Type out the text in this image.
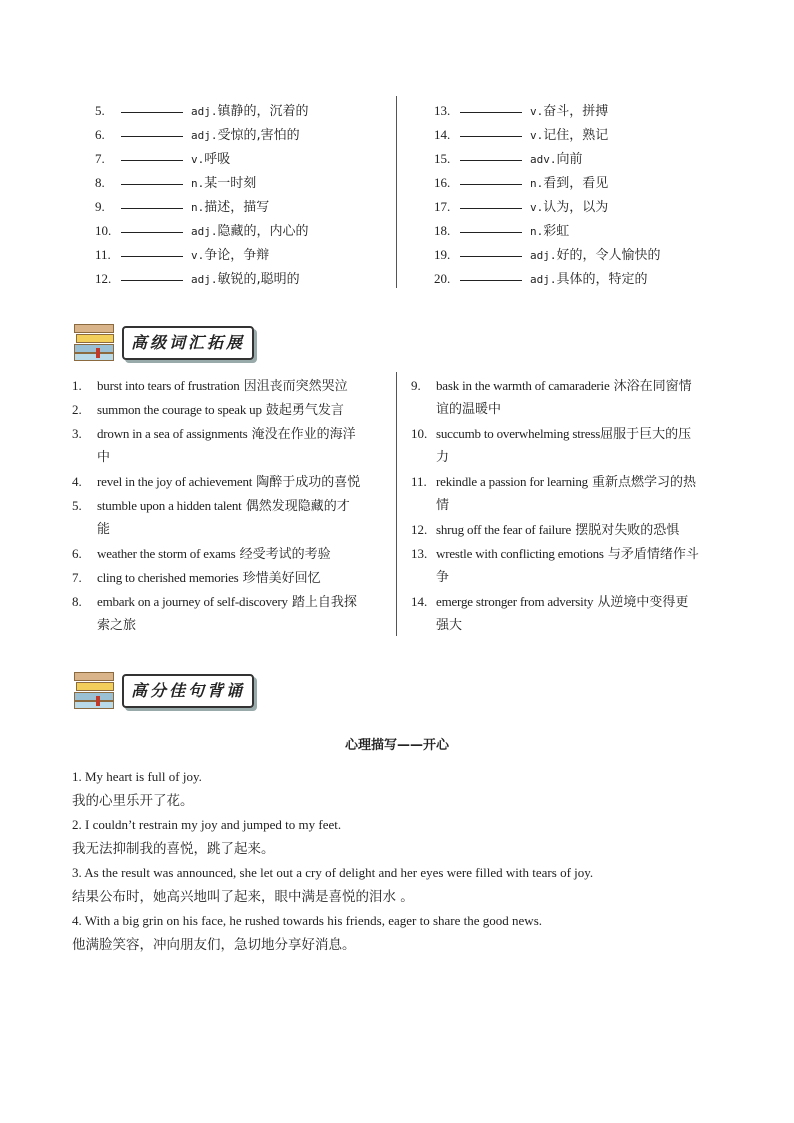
5.	adj.镇静的，沉着的
6.	adj.受惊的,害怕的
7.	v.呼吸
8.	n.某一时刻
9.	n.描述，描写
10.	adj.隐藏的，内心的
11.	v.争论，争辩
12.	adj.敏锐的,聪明的
13.	v.奋斗，拼搏
14.	v.记住，熟记
15.	adv.向前
16.	n.看到，看见
17.	v.认为，以为
18.	n.彩虹
19.	adj.好的，令人愉快的
20.	adj.具体的，特定的
高级词汇拓展
1.	burst into tears of frustration 因沮丧而突然哭泣
2.	summon the courage to speak up 鼓起勇气发言
3.	drown in a sea of assignments 淹没在作业的海洋
中
4.	revel in the joy of achievement 陶醉于成功的喜悦
5.	stumble upon a hidden talent 偶然发现隐藏的才
能
6.	weather the storm of exams 经受考试的考验
7.	cling to cherished memories 珍惜美好回忆
8.	embark on a journey of self-discovery 踏上自我探
索之旅
9.	bask in the warmth of camaraderie 沐浴在同窗情
谊的温暖中
10. succumb to overwhelming stress屈服于巨大的压
力
11. rekindle a passion for learning 重新点燃学习的热
情
12. shrug off the fear of failure 摆脱对失败的恐惧
13. wrestle with conflicting emotions 与矛盾情绪作斗
争
14. emerge stronger from adversity 从逆境中变得更
强大
高分佳句背诵
心理描写——开心
1. My heart is full of joy.
我的心里乐开了花。
2. I couldn’t restrain my joy and jumped to my feet.
我无法抑制我的喜悦，跳了起来。
3. As the result was announced, she let out a cry of delight and her eyes were filled with tears of joy.
结果公布时，她高兴地叫了起来，眼中满是喜悦的泪水 。
4. With a big grin on his face, he rushed towards his friends, eager to share the good news.
他满脸笑容，冲向朋友们，急切地分享好消息。
